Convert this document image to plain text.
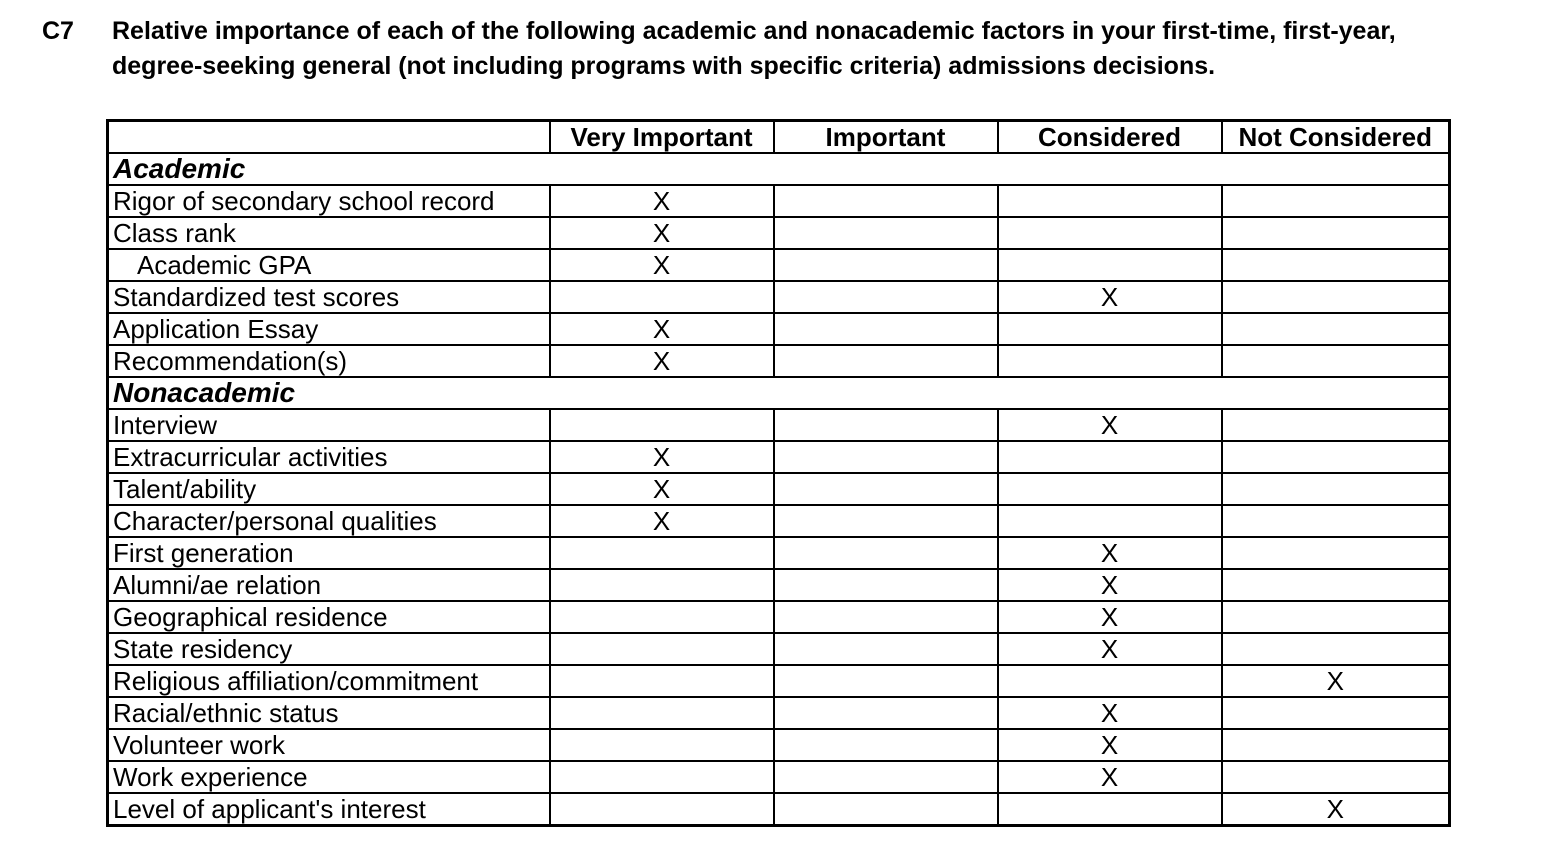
C7 Relative importance of each of the following academic and nonacademic factors in your first-time, first-year, degree-seeking general (not including programs with specific criteria) admissions decisions.
	Very Important	Important	Considered	Not Considered
Academic				
Rigor of secondary school record	X			
Class rank	X			
Academic GPA	X			
Standardized test scores			X	
Application Essay	X			
Recommendation(s)	X			
Nonacademic				
Interview			X	
Extracurricular activities	X			
Talent/ability	X			
Character/personal qualities	X			
First generation			X	
Alumni/ae relation			X	
Geographical residence			X	
State residency			X	
Religious affiliation/commitment				X
Racial/ethnic status			X	
Volunteer work			X	
Work experience			X	
Level of applicant's interest				X
